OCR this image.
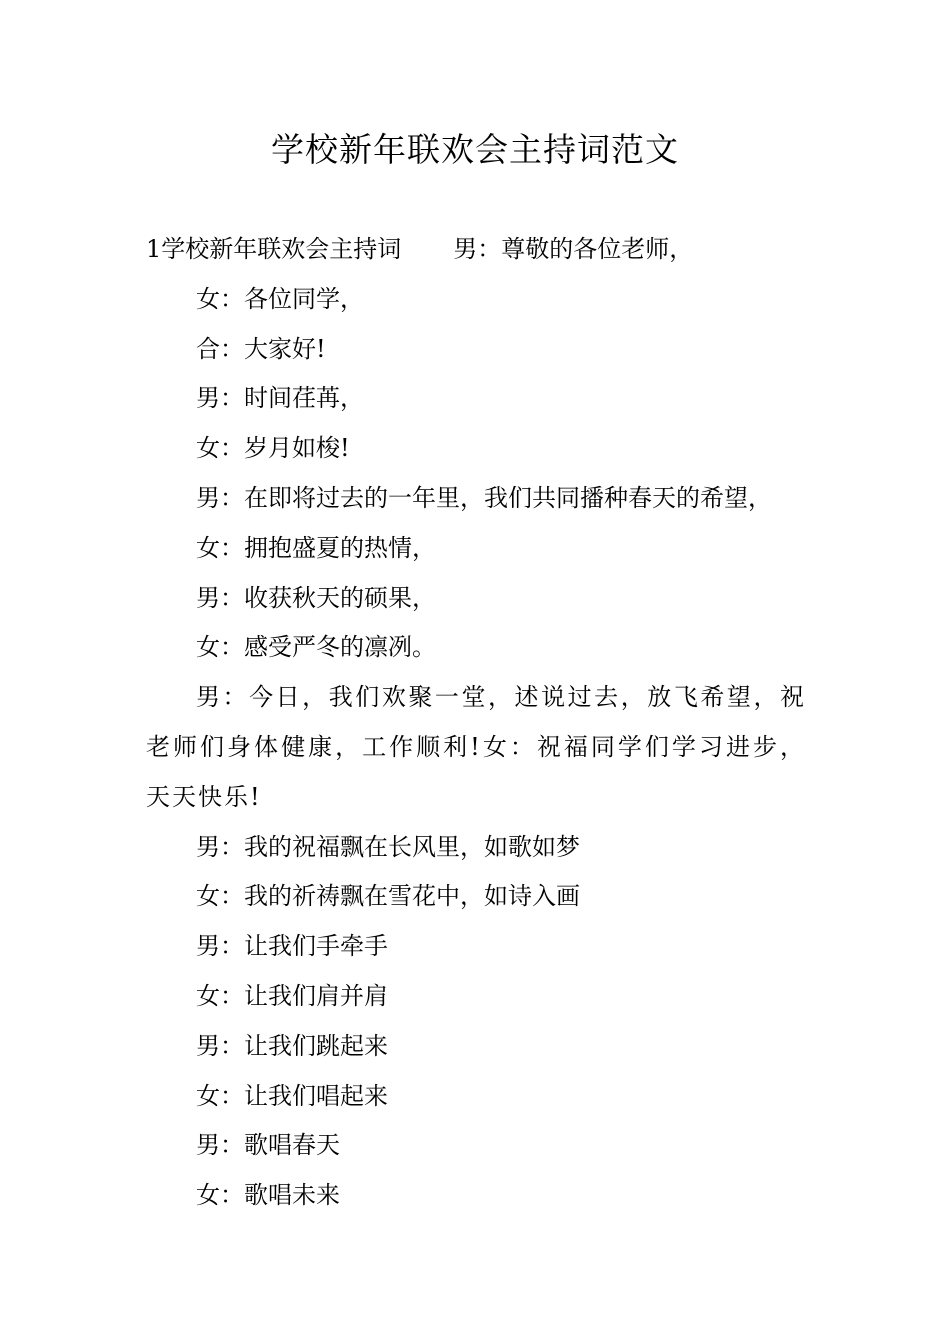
学校新年联欢会主持词范文
1学校新年联欢会主持词 男：尊敬的各位老师，
女：各位同学，
合：大家好!
男：时间荏苒，
女：岁月如梭!
男：在即将过去的一年里，我们共同播种春天的希望，
女：拥抱盛夏的热情，
男：收获秋天的硕果，
女：感受严冬的凛冽。
男：今日，我们欢聚一堂，述说过去，放飞希望，祝老师们身体健康，工作顺利!女：祝福同学们学习进步，天天快乐!
男：我的祝福飘在长风里，如歌如梦
女：我的祈祷飘在雪花中，如诗入画
男：让我们手牵手
女：让我们肩并肩
男：让我们跳起来
女：让我们唱起来
男：歌唱春天
女：歌唱未来
